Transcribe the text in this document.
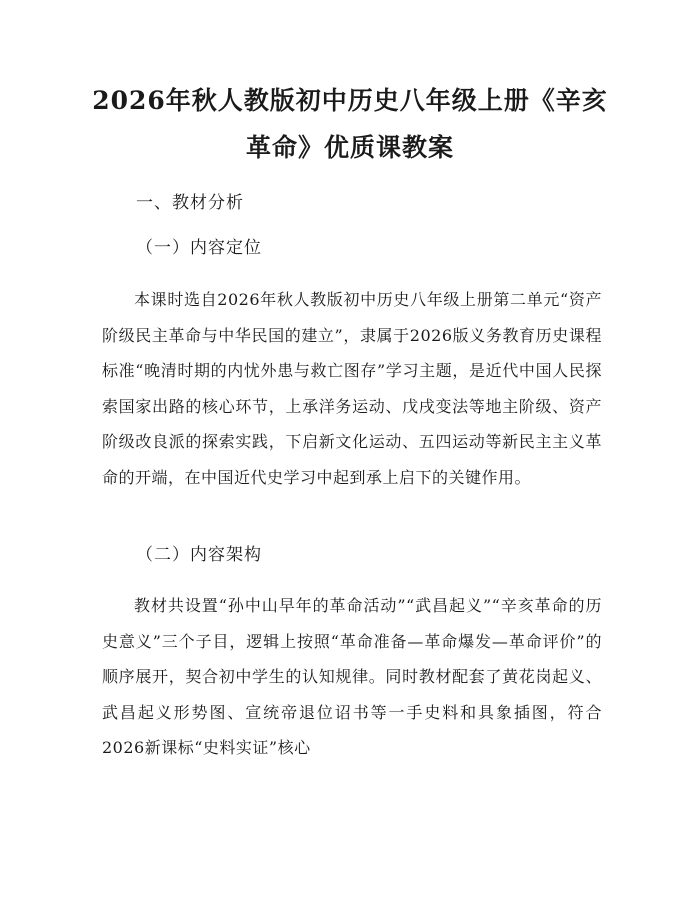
2026年秋人教版初中历史八年级上册《辛亥
革命》优质课教案

一、教材分析

（一）内容定位

本课时选自2026年秋人教版初中历史八年级上册第二单元“资产阶级民主革命与中华民国的建立”，隶属于2026版义务教育历史课程标准“晚清时期的内忧外患与救亡图存”学习主题，是近代中国人民探索国家出路的核心环节，上承洋务运动、戊戌变法等地主阶级、资产阶级改良派的探索实践，下启新文化运动、五四运动等新民主主义革命的开端，在中国近代史学习中起到承上启下的关键作用。

（二）内容架构

教材共设置“孙中山早年的革命活动”“武昌起义”“辛亥革命的历史意义”三个子目，逻辑上按照“革命准备—革命爆发—革命评价”的顺序展开，契合初中学生的认知规律。同时教材配套了黄花岗起义、武昌起义形势图、宣统帝退位诏书等一手史料和具象插图，符合2026新课标“史料实证”核心
